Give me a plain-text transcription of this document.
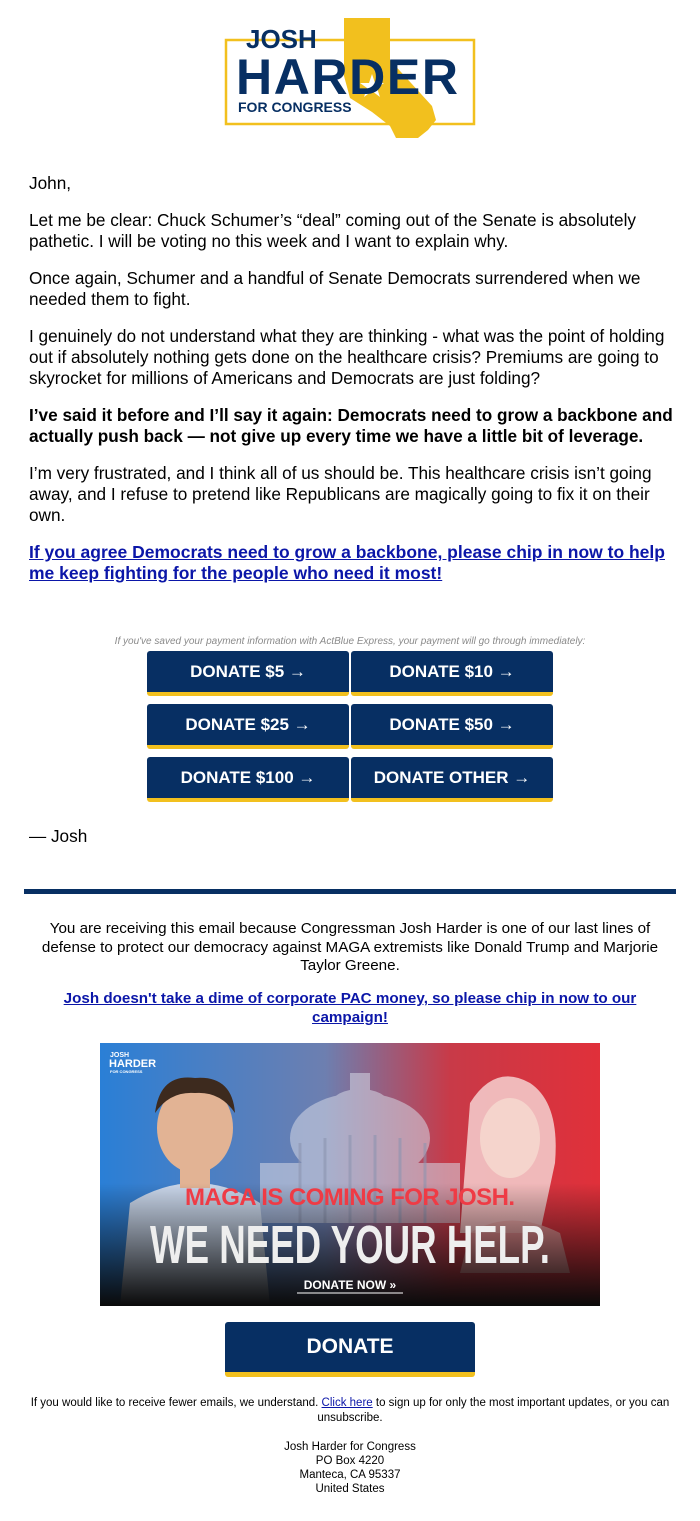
JOSH
HARDER
FOR CONGRESS

John,

Let me be clear: Chuck Schumer’s “deal” coming out of the Senate is absolutely pathetic. I will be voting no this week and I want to explain why.

Once again, Schumer and a handful of Senate Democrats surrendered when we needed them to fight.

I genuinely do not understand what they are thinking - what was the point of holding out if absolutely nothing gets done on the healthcare crisis? Premiums are going to skyrocket for millions of Americans and Democrats are just folding?

I’ve said it before and I’ll say it again: Democrats need to grow a backbone and actually push back — not give up every time we have a little bit of leverage.

I’m very frustrated, and I think all of us should be. This healthcare crisis isn’t going away, and I refuse to pretend like Republicans are magically going to fix it on their own.

If you agree Democrats need to grow a backbone, please chip in now to help me keep fighting for the people who need it most!

If you've saved your payment information with ActBlue Express, your payment will go through immediately:
DONATE $5 →	DONATE $10 →
DONATE $25 →	DONATE $50 →
DONATE $100 →	DONATE OTHER →
— Josh
You are receiving this email because Congressman Josh Harder is one of our last lines of defense to protect our democracy against MAGA extremists like Donald Trump and Marjorie Taylor Greene.
Josh doesn't take a dime of corporate PAC money, so please chip in now to our campaign!
JOSH
HARDER
FOR CONGRESS
MAGA IS COMING FOR JOSH.
WE NEED YOUR HELP.
DONATE NOW »
DONATE
If you would like to receive fewer emails, we understand. Click here to sign up for only the most important updates, or you can unsubscribe.
Josh Harder for Congress
PO Box 4220
Manteca, CA 95337
United States
